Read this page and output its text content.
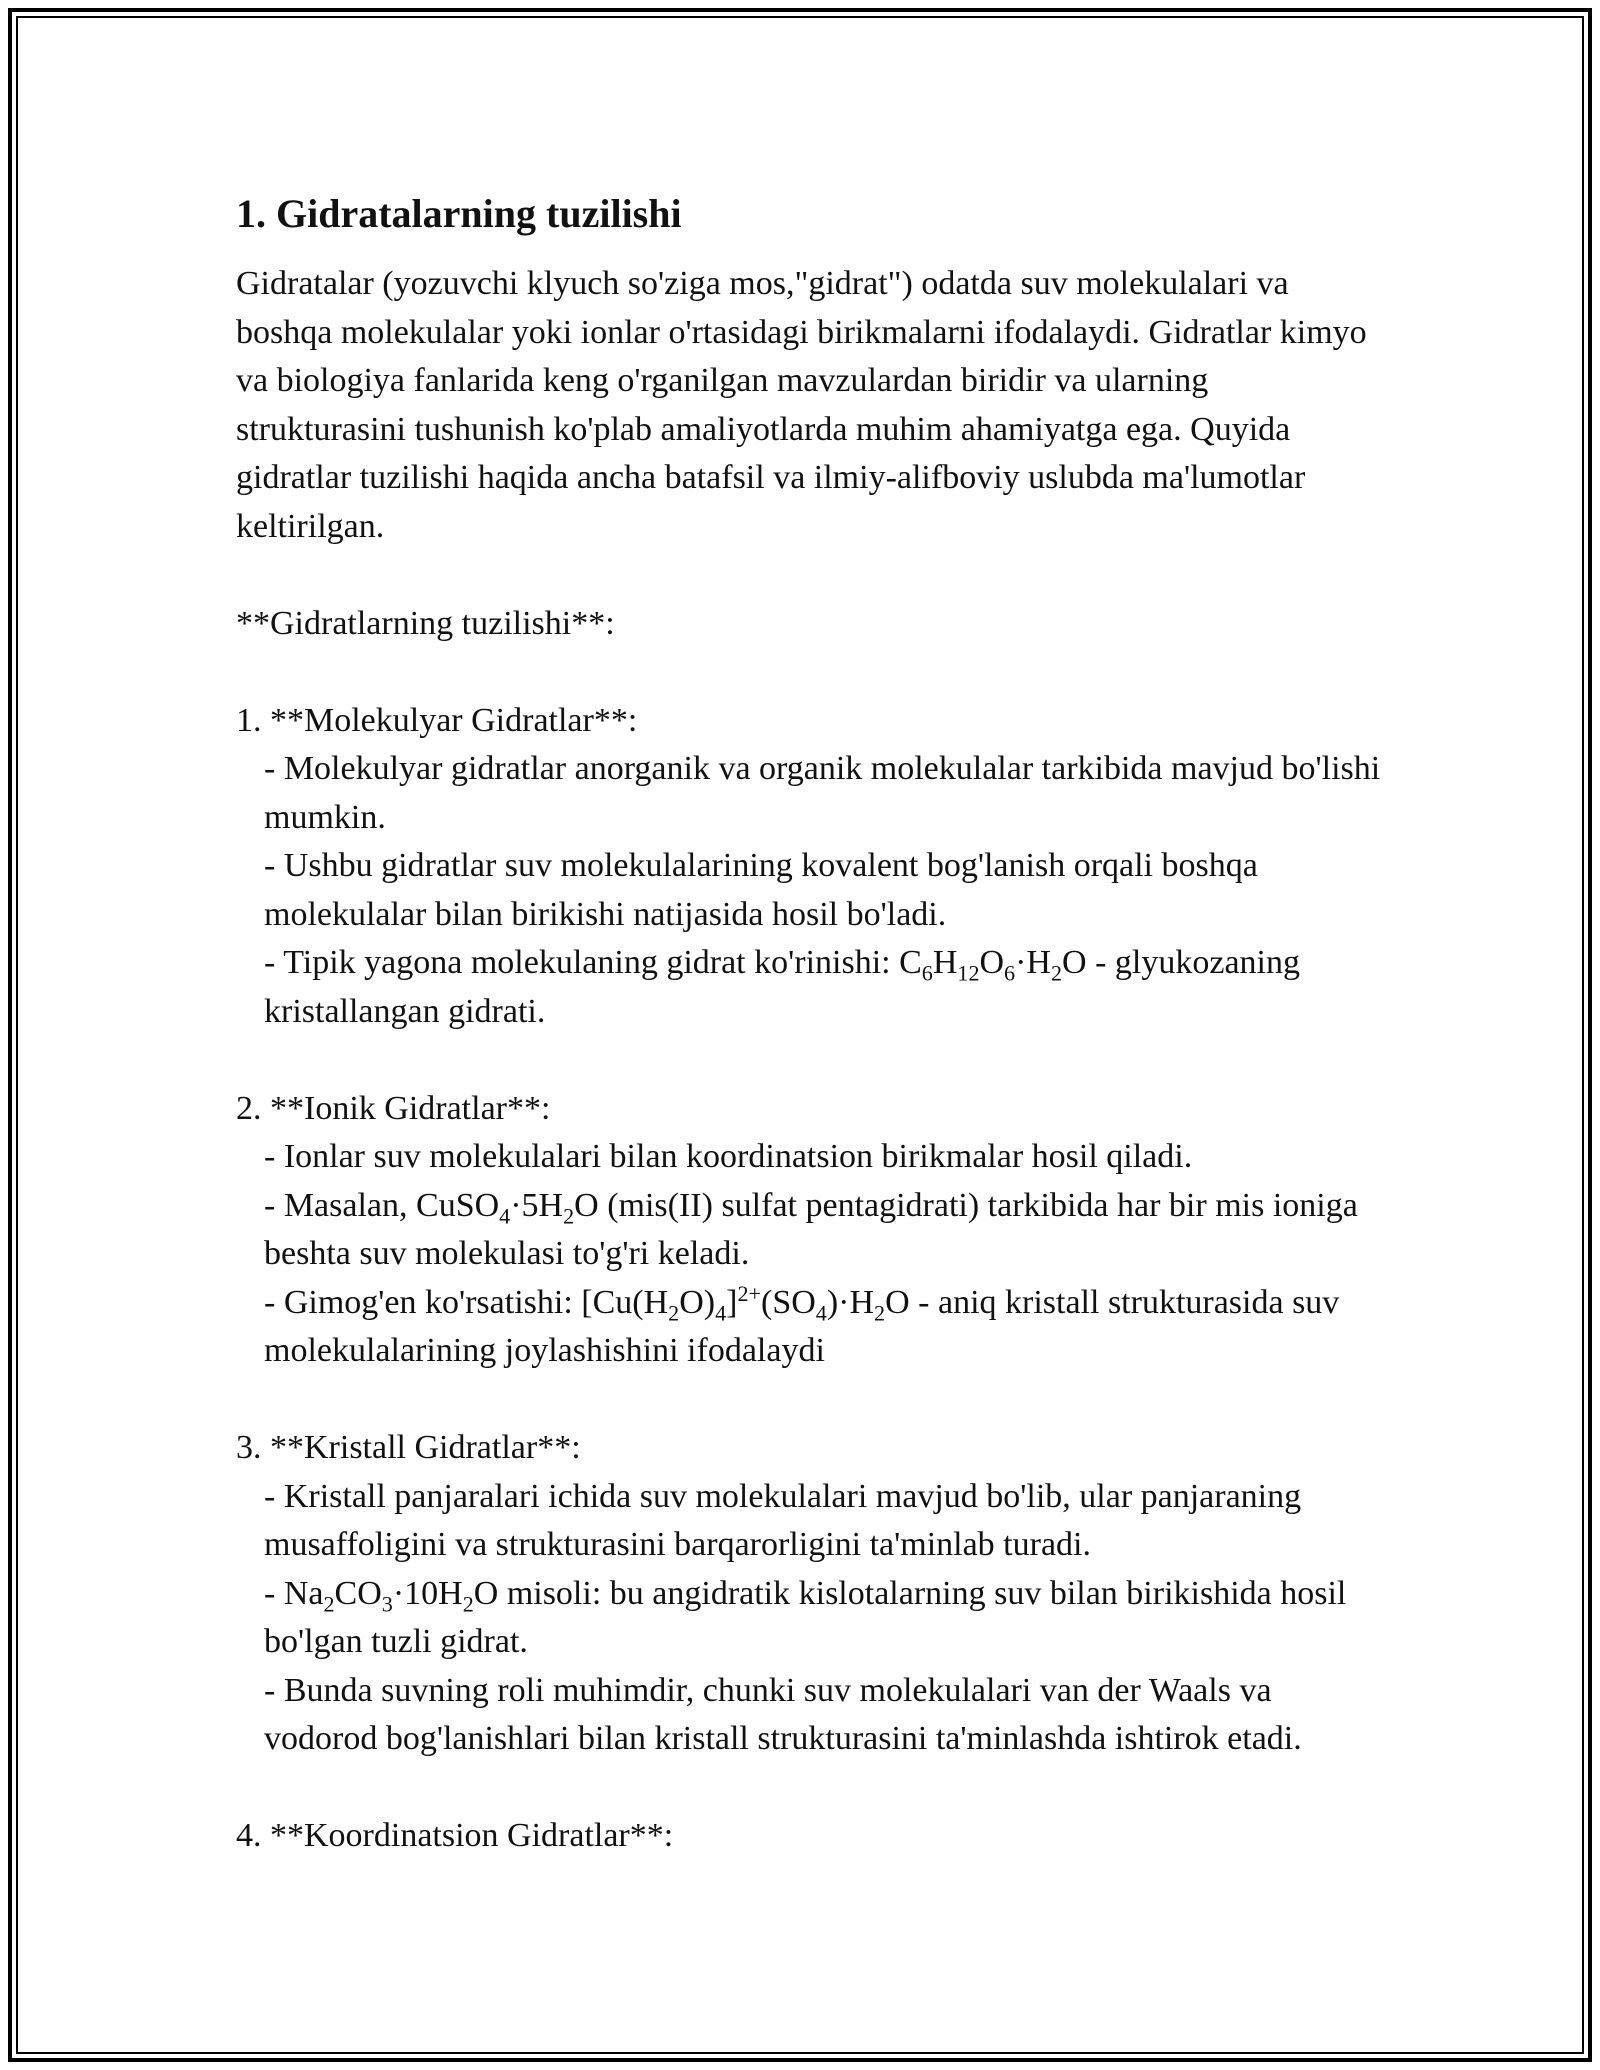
1. Gidratalarning tuzilishi

Gidratalar (yozuvchi klyuch so'ziga mos,"gidrat") odatda suv molekulalari va boshqa molekulalar yoki ionlar o'rtasidagi birikmalarni ifodalaydi. Gidratlar kimyo va biologiya fanlarida keng o'rganilgan mavzulardan biridir va ularning strukturasini tushunish ko'plab amaliyotlarda muhim ahamiyatga ega. Quyida gidratlar tuzilishi haqida ancha batafsil va ilmiy-alifboviy uslubda ma'lumotlar keltirilgan.

**Gidratlarning tuzilishi**:

1. **Molekulyar Gidratlar**:

- Molekulyar gidratlar anorganik va organik molekulalar tarkibida mavjud bo'lishi mumkin.

- Ushbu gidratlar suv molekulalarining kovalent bog'lanish orqali boshqa molekulalar bilan birikishi natijasida hosil bo'ladi.

- Tipik yagona molekulaning gidrat ko'rinishi: $C_6H_{12}O_6\cdot H_2O$ - glyukozaning kristallangan gidrati.

2. **Ionik Gidratlar**:

- Ionlar suv molekulalari bilan koordinatsion birikmalar hosil qiladi.

- Masalan, $CuSO_4\cdot 5H_2O$ (mis(II) sulfat pentagidrati) tarkibida har bir mis ioniga beshta suv molekulasi to'g'ri keladi.

- Gimog'en ko'rsatishi: $[Cu(H_2O)_4]^{2+}(SO_4)\cdot H_2O$ - aniq kristall strukturasida suv molekulalarining joylashishini ifodalaydi

3. **Kristall Gidratlar**:

- Kristall panjaralari ichida suv molekulalari mavjud bo'lib, ular panjaraning musaffoligini va strukturasini barqarorligini ta'minlab turadi.

- $Na_2CO_3\cdot 10H_2O$ misoli: bu angidratik kislotalarning suv bilan birikishida hosil bo'lgan tuzli gidrat.

- Bunda suvning roli muhimdir, chunki suv molekulalari van der Waals va vodorod bog'lanishlari bilan kristall strukturasini ta'minlashda ishtirok etadi.

4. **Koordinatsion Gidratlar**:
